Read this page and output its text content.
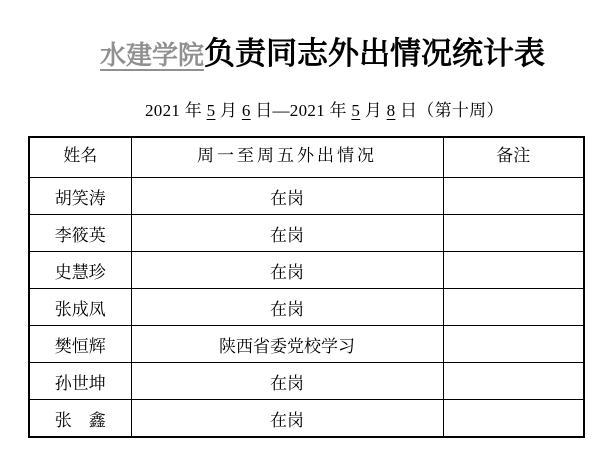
水建学院负责同志外出情况统计表
2021 年 5 月 6 日—2021 年 5 月 8 日（第十周）
姓名	周一至周五外出情况	备注
胡笑涛	在岗	
李筱英	在岗	
史慧珍	在岗	
张成凤	在岗	
樊恒辉	陕西省委党校学习	
孙世坤	在岗	
张　鑫	在岗	
